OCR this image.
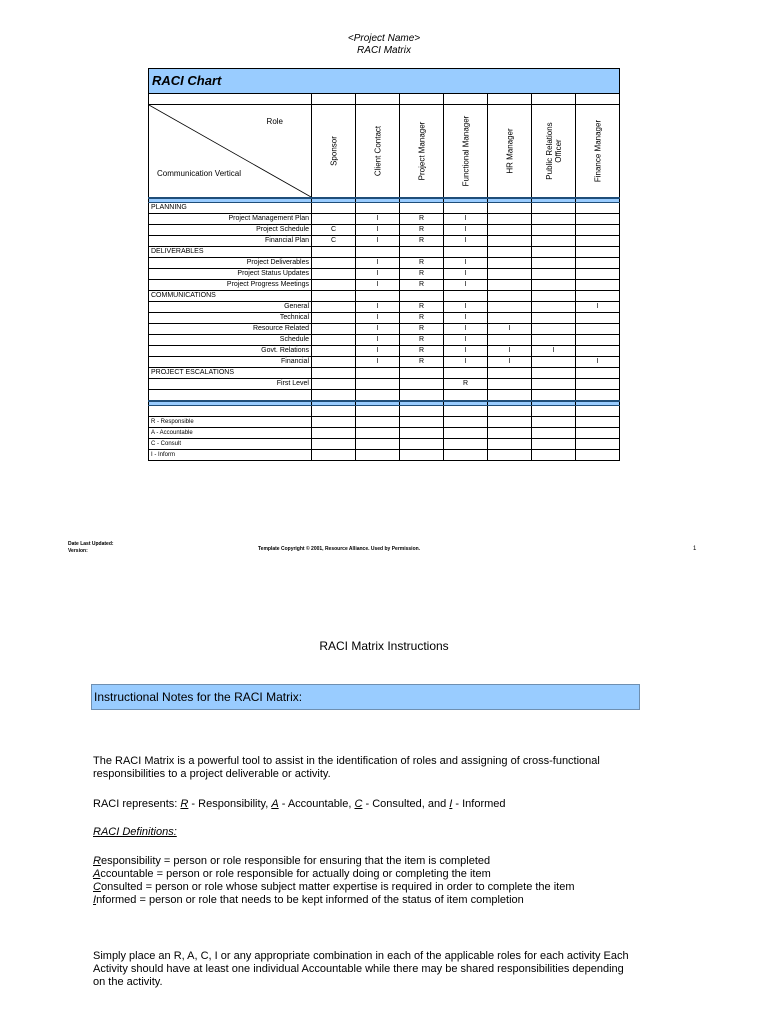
<Project Name>
RACI Matrix
RACI Chart							

Role
Communication Vertical	Sponsor	Client Contact	Project Manager	Functional Manager	HR Manager	Public Relations Officer	Finance Manager

PLANNING							
Project Management Plan		I	R	I			
Project Schedule	C	I	R	I			
Financial Plan	C	I	R	I			
DELIVERABLES							
Project Deliverables		I	R	I			
Project Status Updates		I	R	I			
Project Progress Meetings		I	R	I			
COMMUNICATIONS							
General		I	R	I			I
Technical		I	R	I			
Resource Related		I	R	I	I		
Schedule		I	R	I			
Govt. Relations		I	R	I	I	I	
Financial		I	R	I	I		I
PROJECT ESCALATIONS							
First Level				R			

R - Responsible							
A - Accountable							
C - Consult							
I - Inform							
Date Last Updated:
Version:	Template Copyright © 2001, Resource Alliance. Used by Permission.	1
RACI Matrix Instructions
Instructional Notes for the RACI Matrix:
The RACI Matrix is a powerful tool to assist in the identification of roles and assigning of cross-functional responsibilities to a project deliverable or activity.
RACI represents: R - Responsibility, A - Accountable, C - Consulted, and I - Informed
RACI Definitions:
Responsibility = person or role responsible for ensuring that the item is completed
Accountable = person or role responsible for actually doing or completing the item
Consulted = person or role whose subject matter expertise is required in order to complete the item
Informed = person or role that needs to be kept informed of the status of item completion
Simply place an R, A, C, I or any appropriate combination in each of the applicable roles for each activity Each Activity should have at least one individual Accountable while there may be shared responsibilities depending on the activity.
